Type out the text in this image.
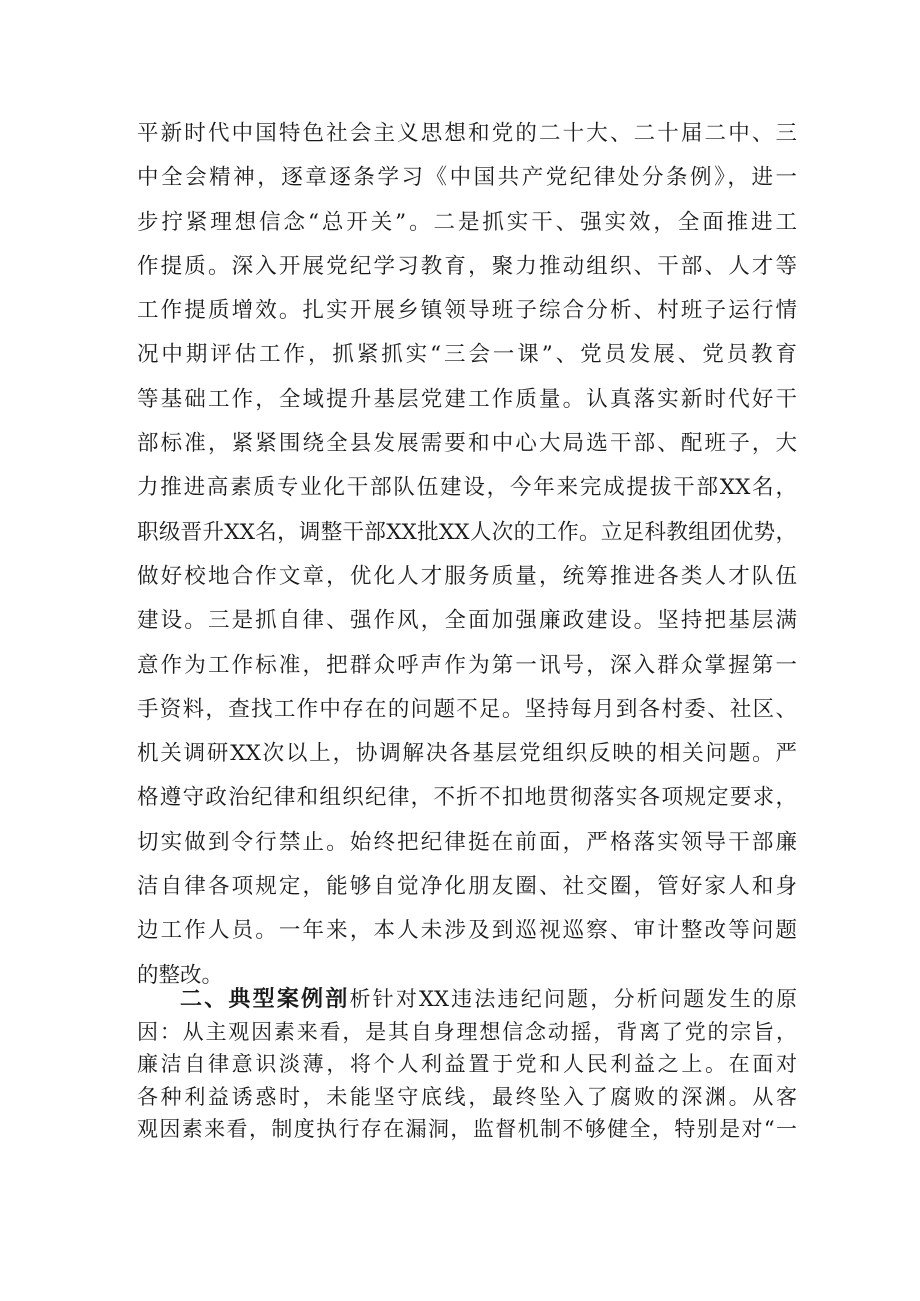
平新时代中国特色社会主义思想和党的二十大、二十届二中、三
中全会精神，逐章逐条学习《中国共产党纪律处分条例》，进一
步拧紧理想信念“总开关”。二是抓实干、强实效，全面推进工
作提质。深入开展党纪学习教育，聚力推动组织、干部、人才等
工作提质增效。扎实开展乡镇领导班子综合分析、村班子运行情
况中期评估工作，抓紧抓实“三会一课”、党员发展、党员教育
等基础工作，全域提升基层党建工作质量。认真落实新时代好干
部标准，紧紧围绕全县发展需要和中心大局选干部、配班子，大
力推进高素质专业化干部队伍建设，今年来完成提拔干部XX名，
职级晋升XX名，调整干部XX批XX人次的工作。立足科教组团优势，
做好校地合作文章，优化人才服务质量，统筹推进各类人才队伍
建设。三是抓自律、强作风，全面加强廉政建设。坚持把基层满
意作为工作标准，把群众呼声作为第一讯号，深入群众掌握第一
手资料，查找工作中存在的问题不足。坚持每月到各村委、社区、
机关调研XX次以上，协调解决各基层党组织反映的相关问题。严
格遵守政治纪律和组织纪律，不折不扣地贯彻落实各项规定要求，
切实做到令行禁止。始终把纪律挺在前面，严格落实领导干部廉
洁自律各项规定，能够自觉净化朋友圈、社交圈，管好家人和身
边工作人员。一年来，本人未涉及到巡视巡察、审计整改等问题
的整改。
二、典型案例剖析针对XX违法违纪问题，分析问题发生的原
因：从主观因素来看，是其自身理想信念动摇，背离了党的宗旨，
廉洁自律意识淡薄，将个人利益置于党和人民利益之上。在面对
各种利益诱惑时，未能坚守底线，最终坠入了腐败的深渊。从客
观因素来看，制度执行存在漏洞，监督机制不够健全，特别是对“一
